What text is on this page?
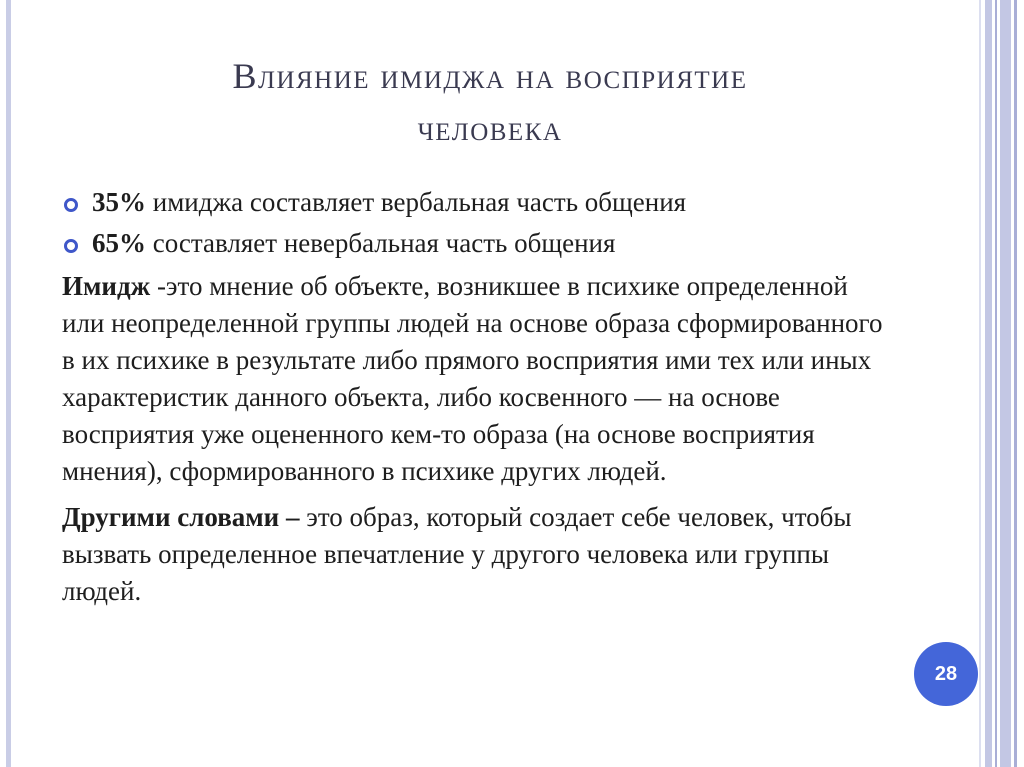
Влияние имиджа на восприятие
человека
35% имиджа составляет вербальная часть общения
65% составляет невербальная часть общения
Имидж -это мнение об объекте, возникшее в психике определенной или неопределенной группы людей на основе образа сформированного в их психике в результате либо прямого восприятия ими тех или иных характеристик данного объекта, либо косвенного — на основе восприятия уже оцененного кем-то образа (на основе восприятия мнения), сформированного в психике других людей.
Другими словами – это образ, который создает себе человек, чтобы вызвать определенное впечатление у другого человека или группы людей.
28
